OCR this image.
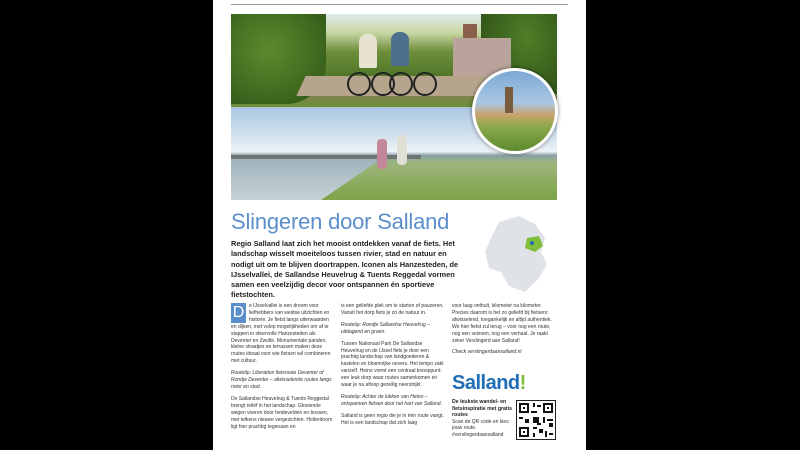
Slingeren door Salland
Regio Salland laat zich het mooist ontdekken vanaf de fiets. Het landschap wisselt moeiteloos tussen rivier, stad en natuur en nodigt uit om te blijven doortrappen. Iconen als Hanzesteden, de IJsselvallei, de Sallandse Heuvelrug & Tuents Reggedal vormen samen een veelzijdig decor voor ontspannen én sportieve fietstochten.

D e IJsselvallei is een droom voor liefhebbers van weidse uitzichten en historie. Je fietst langs uiterwaarden en dijken, met volop mogelijkheden om af te stappen in sfeervolle Hanzesteden als Deventer en Zwolle. Monumentale panden, kleine straatjes en terrassen maken deze routes ideaal voor wie fietsen wil combineren met cultuur.

Routetip: Liberation fietsroute Deventer of Rondje Deventer – afwisselende routes langs rivier en stad.

De Sallandse Heuvelrug & Tuents Reggedal brengt reliëf in het landschap. Glooiende wegen voeren door heidevelden en bossen, met telkens nieuwe vergezichten. Holterdoorn ligt hier prachtig tegenaan en

is een geliefde plek om te starten of pauzeren. Vanuit het dorp fiets je zó de natuur in.

Routetip: Rondje Sallandse Heuvelrug – uitdagend en groen.

Tussen Nationaal Park De Sallandse Heuvelrug en de IJssel fiets je door een prachtig landschap van landgoederen & kastelen en bloemrijke oevers. Het tempo zakt vanzelf. Heino vormt een centraal knooppunt: een leuk dorp waar routes samenkomen en waar je na afloop gezellig neerstrijkt.

Routetip: Achter de lukken van Heino – ontspannen fietsen door het hart van Salland.

Salland is geen regio die je in één route vangt. Het is een landschap dat zich laag

voor laag onthult, kilometer na kilometer. Precies daarom is het zo geliefd bij fietsers: afwisselend, toegankelijk en altijd authentiek. We hier fietst zul terug – voor nog een route, nog een seizoen, nog een verhaal. Je raakt zeker Verslingerd aan Salland!

Check verslingerdaansalland.nl

Salland!
De leukste wandel- en fietsinspiratie met gratis routes
Scan de QR code en kies jouw route. #verslingerdaansalland
